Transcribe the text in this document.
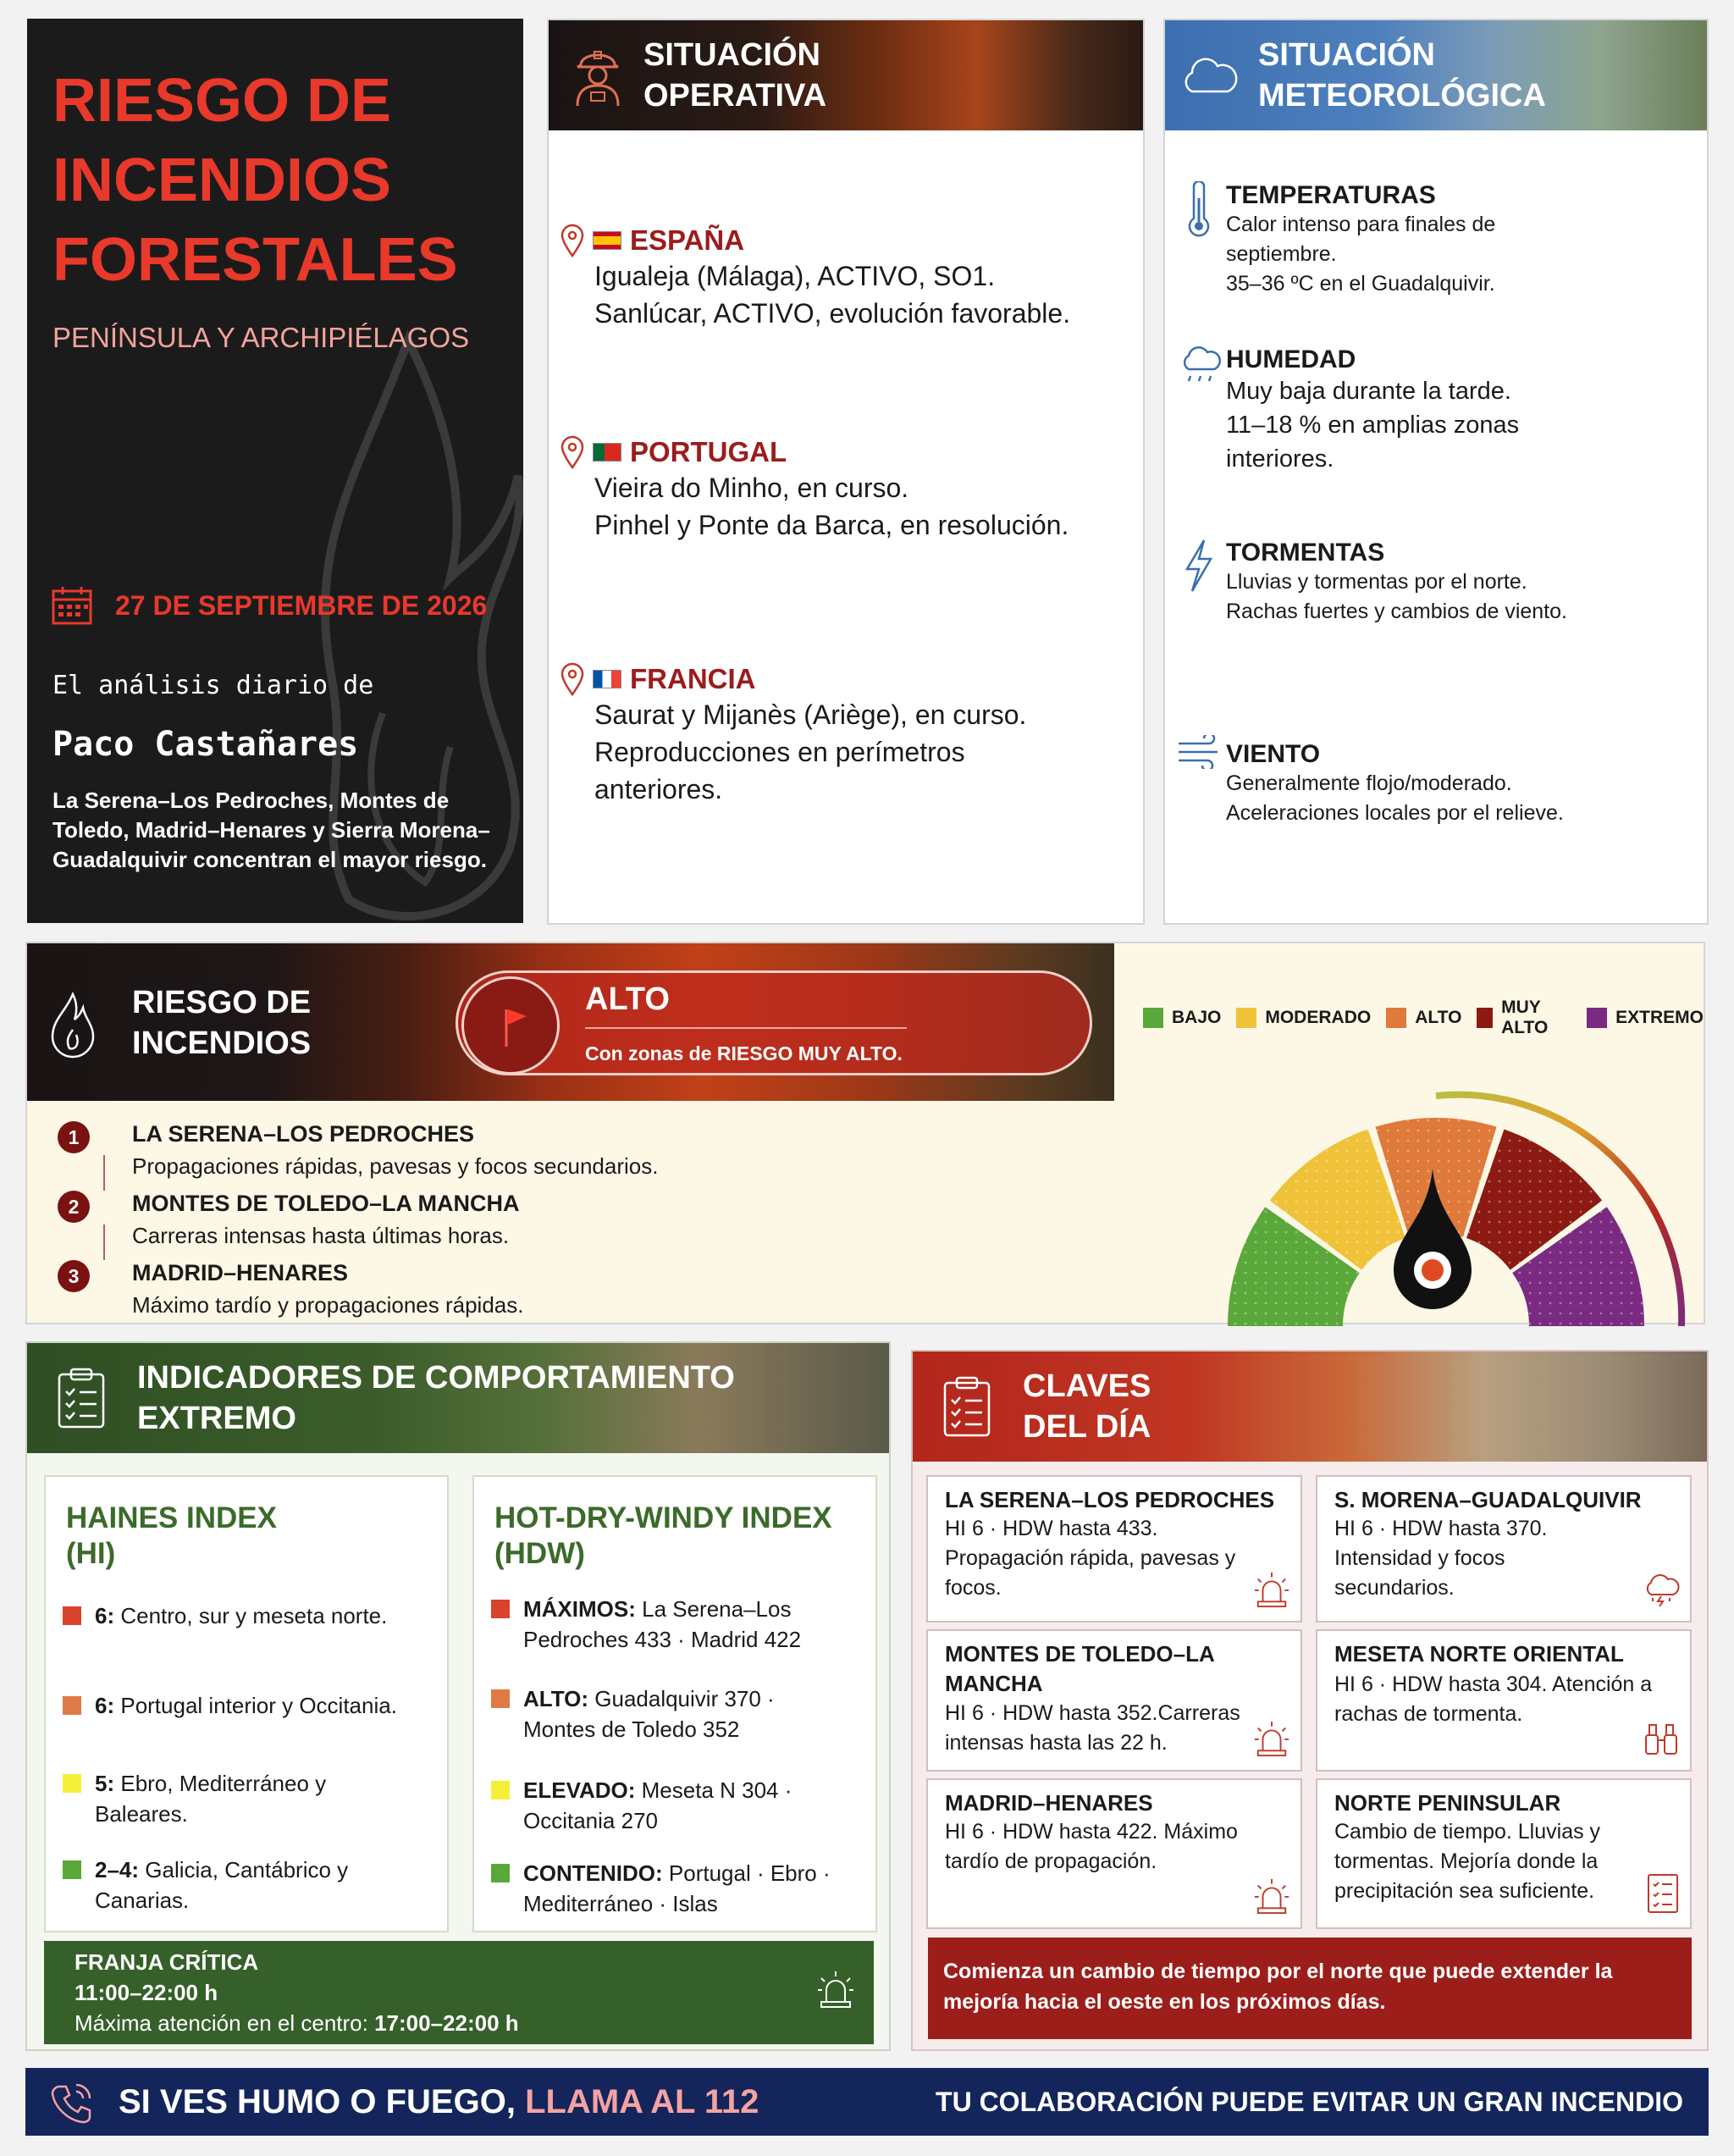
RIESGO DE INCENDIOS FORESTALES
PENÍNSULA Y ARCHIPIÉLAGOS
27 DE SEPTIEMBRE DE 2026
El análisis diario de
Paco Castañares
La Serena–Los Pedroches, Montes de Toledo, Madrid–Henares y Sierra Morena–Guadalquivir concentran el mayor riesgo.
SITUACIÓN OPERATIVA
ESPAÑA
Igualeja (Málaga), ACTIVO, SO1.
Sanlúcar, ACTIVO, evolución favorable.
PORTUGAL
Vieira do Minho, en curso.
Pinhel y Ponte da Barca, en resolución.
FRANCIA
Saurat y Mijanès (Ariège), en curso.
Reproducciones en perímetros
anteriores.
SITUACIÓN METEOROLÓGICA
TEMPERATURAS
Calor intenso para finales de
septiembre.
35–36 ºC en el Guadalquivir.
HUMEDAD
Muy baja durante la tarde.
11–18 % en amplias zonas
interiores.
TORMENTAS
Lluvias y tormentas por el norte.
Rachas fuertes y cambios de viento.
VIENTO
Generalmente flojo/moderado.
Aceleraciones locales por el relieve.
RIESGO DE INCENDIOS
ALTO
Con zonas de RIESGO MUY ALTO.
BAJO MODERADO ALTO
MUY ALTO
EXTREMO
1	LA SERENA–LOS PEDROCHES
Propagaciones rápidas, pavesas y focos secundarios.
2	MONTES DE TOLEDO–LA MANCHA
Carreras intensas hasta últimas horas.
3	MADRID–HENARES
Máximo tardío y propagaciones rápidas.
INDICADORES DE COMPORTAMIENTO EXTREMO
HAINES INDEX (HI)
6: Centro, sur y meseta norte.
6: Portugal interior y Occitania.
5: Ebro, Mediterráneo y Baleares.
2–4: Galicia, Cantábrico y Canarias.
HOT-DRY-WINDY INDEX (HDW)
MÁXIMOS: La Serena–Los Pedroches 433 · Madrid 422
ALTO: Guadalquivir 370 · Montes de Toledo 352
ELEVADO: Meseta N 304 · Occitania 270
CONTENIDO: Portugal · Ebro · Mediterráneo · Islas
FRANJA CRÍTICA
11:00–22:00 h
Máxima atención en el centro: 17:00–22:00 h
CLAVES DEL DÍA
LA SERENA–LOS PEDROCHES
HI 6 · HDW hasta 433. Propagación rápida, pavesas y focos.
S. MORENA–GUADALQUIVIR
HI 6 · HDW hasta 370. Intensidad y focos secundarios.
MONTES DE TOLEDO–LA MANCHA
HI 6 · HDW hasta 352.Carreras intensas hasta las 22 h.
MESETA NORTE ORIENTAL
HI 6 · HDW hasta 304. Atención a rachas de tormenta.
MADRID–HENARES
HI 6 · HDW hasta 422. Máximo tardío de propagación.
NORTE PENINSULAR
Cambio de tiempo. Lluvias y tormentas. Mejoría donde la precipitación sea suficiente.
Comienza un cambio de tiempo por el norte que puede extender la mejoría hacia el oeste en los próximos días.
SI VES HUMO O FUEGO, LLAMA AL 112	TU COLABORACIÓN PUEDE EVITAR UN GRAN INCENDIO
